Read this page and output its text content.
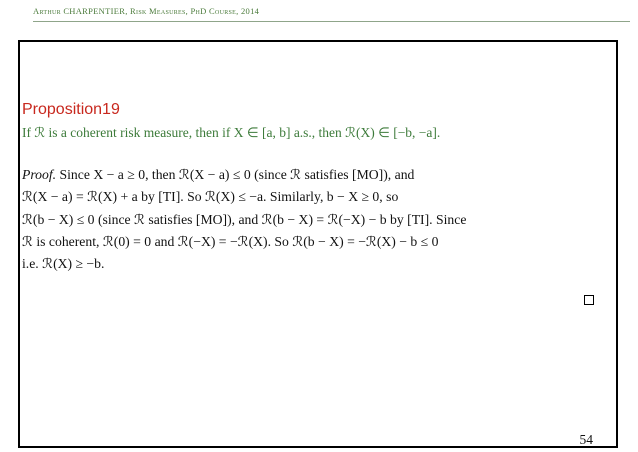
Arthur CHARPENTIER, Risk Measures, PhD Course, 2014
Proposition19
If ℛ is a coherent risk measure, then if X ∈ [a, b] a.s., then ℛ(X) ∈ [−b, −a].
Proof. Since X − a ≥ 0, then ℛ(X − a) ≤ 0 (since ℛ satisfies [MO]), and
ℛ(X − a) = ℛ(X) + a by [TI]. So ℛ(X) ≤ −a. Similarly, b − X ≥ 0, so
ℛ(b − X) ≤ 0 (since ℛ satisfies [MO]), and ℛ(b − X) = ℛ(−X) − b by [TI]. Since
ℛ is coherent, ℛ(0) = 0 and ℛ(−X) = −ℛ(X). So ℛ(b − X) = −ℛ(X) − b ≤ 0
i.e. ℛ(X) ≥ −b.
54
